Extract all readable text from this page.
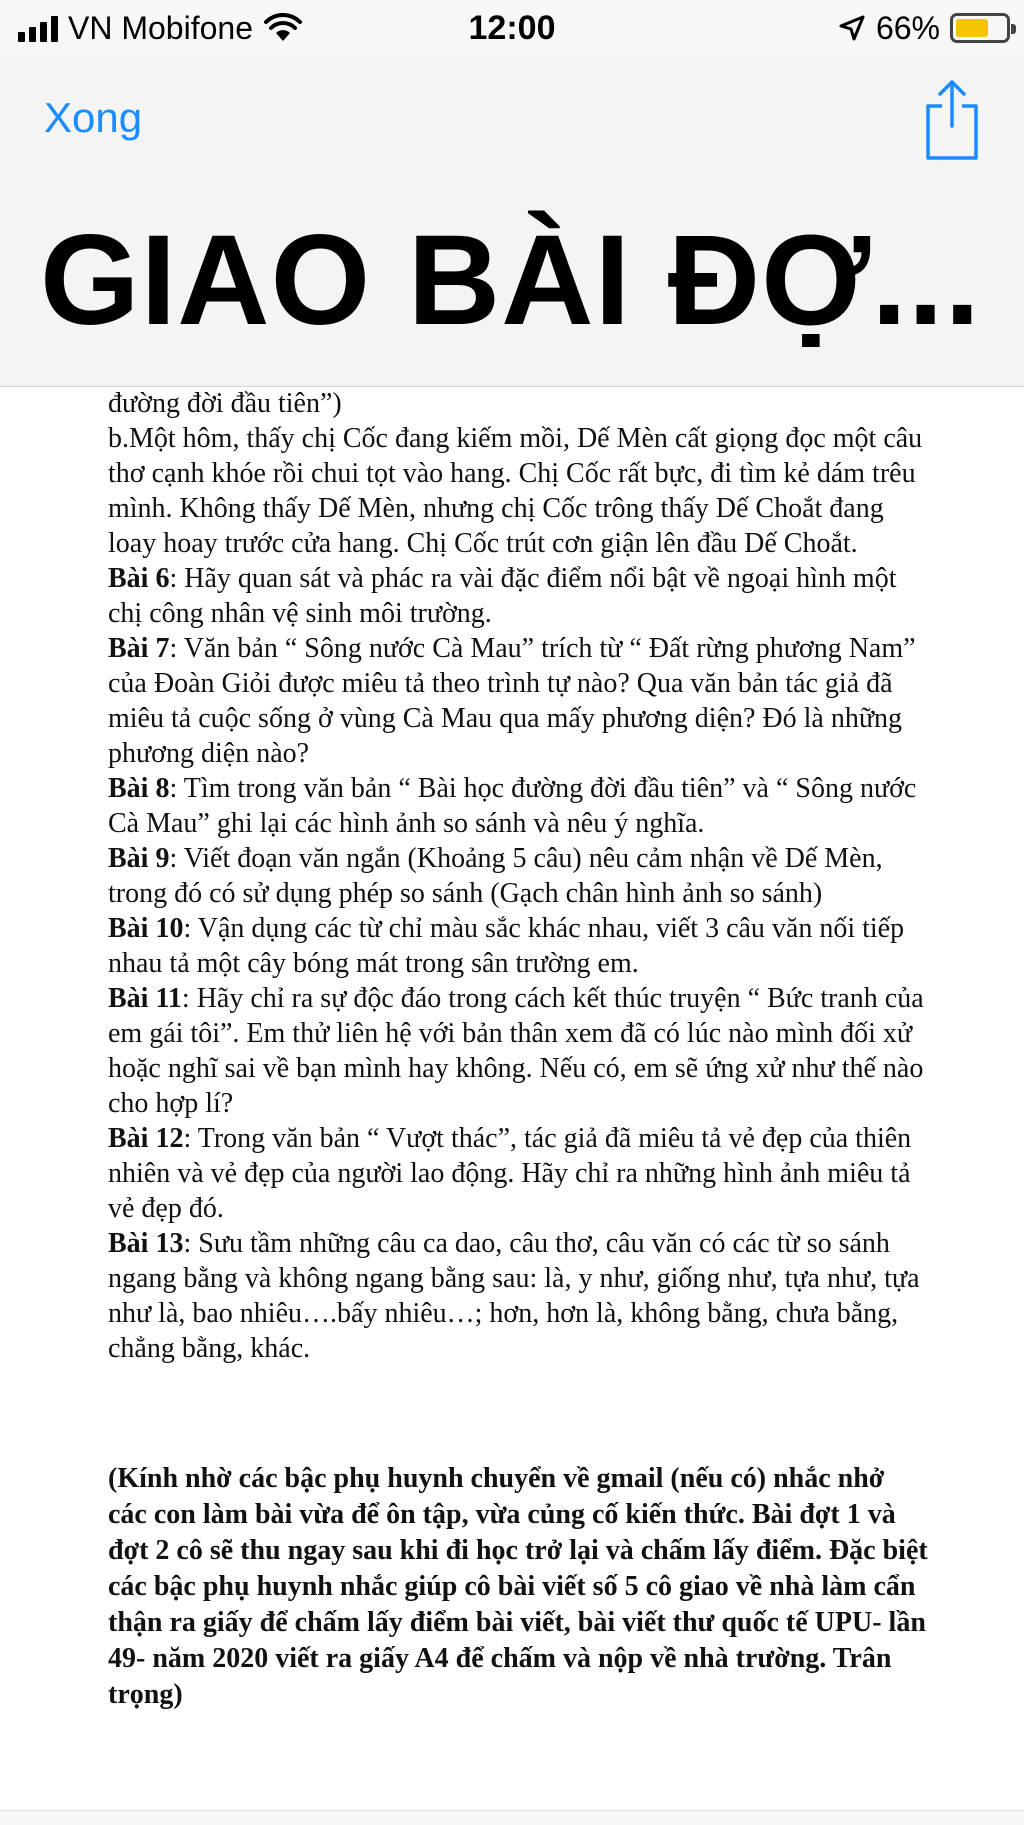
VN Mobifone	12:00	66%
Xong
GIAO BÀI ĐỢ...

đường đời đầu tiên”)

b.Một hôm, thấy chị Cốc đang kiếm mồi, Dế Mèn cất giọng đọc một câu thơ cạnh khóe rồi chui tọt vào hang. Chị Cốc rất bực, đi tìm kẻ dám trêu mình. Không thấy Dế Mèn, nhưng chị Cốc trông thấy Dế Choắt đang loay hoay trước cửa hang. Chị Cốc trút cơn giận lên đầu Dế Choắt.

Bài 6: Hãy quan sát và phác ra vài đặc điểm nổi bật về ngoại hình một chị công nhân vệ sinh môi trường.

Bài 7: Văn bản “ Sông nước Cà Mau” trích từ “ Đất rừng phương Nam” của Đoàn Giỏi được miêu tả theo trình tự nào? Qua văn bản tác giả đã miêu tả cuộc sống ở vùng Cà Mau qua mấy phương diện? Đó là những phương diện nào?

Bài 8: Tìm trong văn bản “ Bài học đường đời đầu tiên” và “ Sông nước Cà Mau” ghi lại các hình ảnh so sánh và nêu ý nghĩa.

Bài 9: Viết đoạn văn ngắn (Khoảng 5 câu) nêu cảm nhận về Dế Mèn, trong đó có sử dụng phép so sánh (Gạch chân hình ảnh so sánh)

Bài 10: Vận dụng các từ chỉ màu sắc khác nhau, viết 3 câu văn nối tiếp nhau tả một cây bóng mát trong sân trường em.

Bài 11: Hãy chỉ ra sự độc đáo trong cách kết thúc truyện “ Bức tranh của em gái tôi”. Em thử liên hệ với bản thân xem đã có lúc nào mình đối xử hoặc nghĩ sai về bạn mình hay không. Nếu có, em sẽ ứng xử như thế nào cho hợp lí?

Bài 12: Trong văn bản “ Vượt thác”, tác giả đã miêu tả vẻ đẹp của thiên nhiên và vẻ đẹp của người lao động. Hãy chỉ ra những hình ảnh miêu tả vẻ đẹp đó.

Bài 13: Sưu tầm những câu ca dao, câu thơ, câu văn có các từ so sánh ngang bằng và không ngang bằng sau: là, y như, giống như, tựa như, tựa như là, bao nhiêu….bấy nhiêu…; hơn, hơn là, không bằng, chưa bằng, chẳng bằng, khác.

(Kính nhờ các bậc phụ huynh chuyển về gmail (nếu có) nhắc nhở các con làm bài vừa để ôn tập, vừa củng cố kiến thức. Bài đợt 1 và đợt 2 cô sẽ thu ngay sau khi đi học trở lại và chấm lấy điểm. Đặc biệt các bậc phụ huynh nhắc giúp cô bài viết số 5 cô giao về nhà làm cẩn thận ra giấy để chấm lấy điểm bài viết, bài viết thư quốc tế UPU- lần 49- năm 2020 viết ra giấy A4 để chấm và nộp về nhà trường. Trân trọng)
